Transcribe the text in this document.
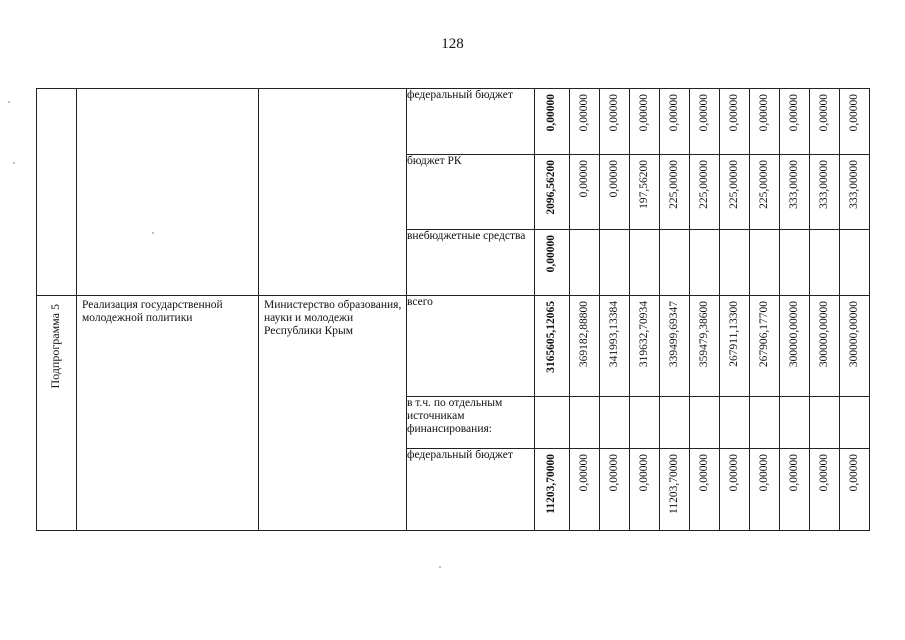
128
			федеральный бюджет	0,00000	0,00000	0,00000	0,00000	0,00000	0,00000	0,00000	0,00000	0,00000	0,00000	0,00000

			бюджет РК	2096,56200	0,00000	0,00000	197,56200	225,00000	225,00000	225,00000	225,00000	333,00000	333,00000	333,00000

			внебюджетные средства	0,00000										

Подпрограмма 5	Реализация государственной молодежной политики	Министерство образования, науки и молодежи Республики Крым	всего	3165605,12065	369182,88800	341993,13384	319632,70934	339499,69347	359479,38600	267911,13300	267906,17700	300000,00000	300000,00000	300000,00000

			в т.ч. по отдельным источникам финансирования:											
			федеральный бюджет	11203,70000	0,00000	0,00000	0,00000	11203,70000	0,00000	0,00000	0,00000	0,00000	0,00000	0,00000
